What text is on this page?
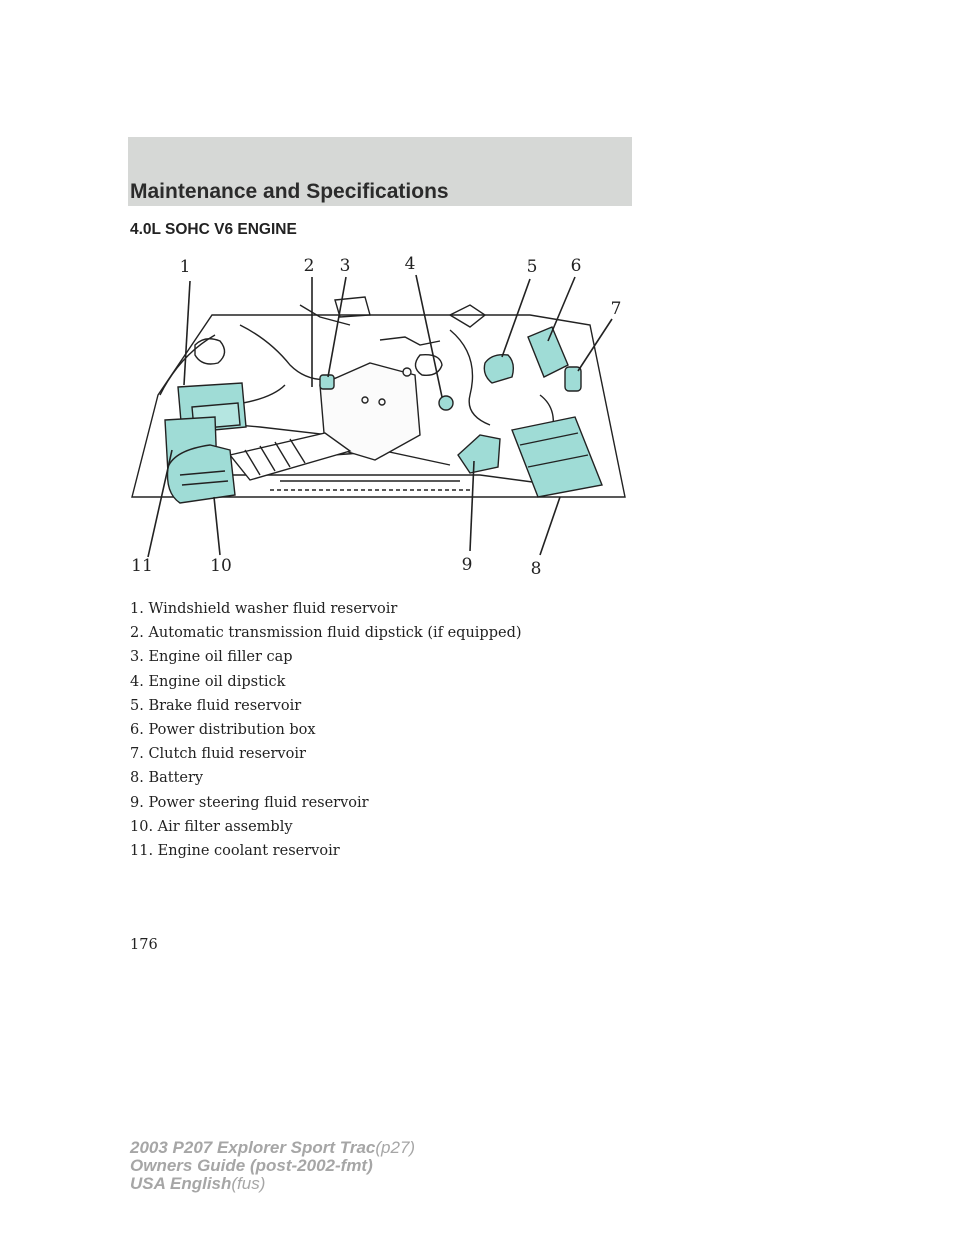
Maintenance and Specifications
4.0L SOHC V6 ENGINE
1	2 3	4	5 6
7
8
9
10
11
1. Windshield washer fluid reservoir
2. Automatic transmission fluid dipstick (if equipped)
3. Engine oil filler cap
4. Engine oil dipstick
5. Brake fluid reservoir
6. Power distribution box
7. Clutch fluid reservoir
8. Battery
9. Power steering fluid reservoir
10. Air filter assembly
11. Engine coolant reservoir
176
2003 P207 Explorer Sport Trac(p27)
Owners Guide (post-2002-fmt)
USA English(fus)
